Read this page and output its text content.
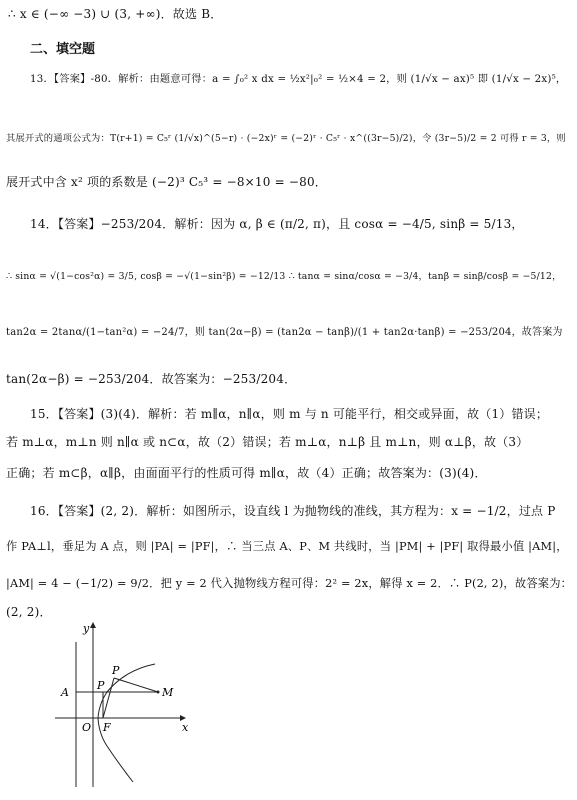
∴ x ∈ (−∞ −3) ∪ (3, +∞)．故选 B．
二、填空题
13．【答案】-80．解析：由题意可得：a = ∫₀² x dx = ½x²|₀² = ½×4 = 2，则 (1/√x − ax)⁵ 即 (1/√x − 2x)⁵，
其展开式的通项公式为：T(r+1) = C₅ʳ (1/√x)^(5−r) · (−2x)ʳ = (−2)ʳ · C₅ʳ · x^((3r−5)/2)，令 (3r−5)/2 = 2 可得 r = 3，则
展开式中含 x² 项的系数是 (−2)³ C₅³ = −8×10 = −80．
14．【答案】−253/204．解析：因为 α, β ∈ (π/2, π)，且 cosα = −4/5, sinβ = 5/13，
∴ sinα = √(1−cos²α) = 3/5, cosβ = −√(1−sin²β) = −12/13 ∴ tanα = sinα/cosα = −3/4，tanβ = sinβ/cosβ = −5/12，
tan2α = 2tanα/(1−tan²α) = −24/7，则 tan(2α−β) = (tan2α − tanβ)/(1 + tan2α·tanβ) = −253/204，故答案为
tan(2α−β) = −253/204．故答案为：−253/204．
15．【答案】(3)(4)．解析：若 m∥α，n∥α，则 m 与 n 可能平行，相交或异面，故（1）错误；
若 m⊥α，m⊥n 则 n∥α 或 n⊂α，故（2）错误；若 m⊥α，n⊥β 且 m⊥n，则 α⊥β，故（3）
正确；若 m⊂β，α∥β，由面面平行的性质可得 m∥α，故（4）正确；故答案为：(3)(4)．
16．【答案】(2, 2)．解析：如图所示，设直线 l 为抛物线的准线，其方程为：x = −1/2，过点 P
作 PA⊥l，垂足为 A 点，则 |PA| = |PF|，∴ 当三点 A、P、M 共线时，当 |PM| + |PF| 取得最小值 |AM|，
|AM| = 4 − (−1/2) = 9/2．把 y = 2 代入抛物线方程可得：2² = 2x，解得 x = 2．∴ P(2, 2)，故答案为：
(2, 2)．
x
y
O F
A
P
P
M
